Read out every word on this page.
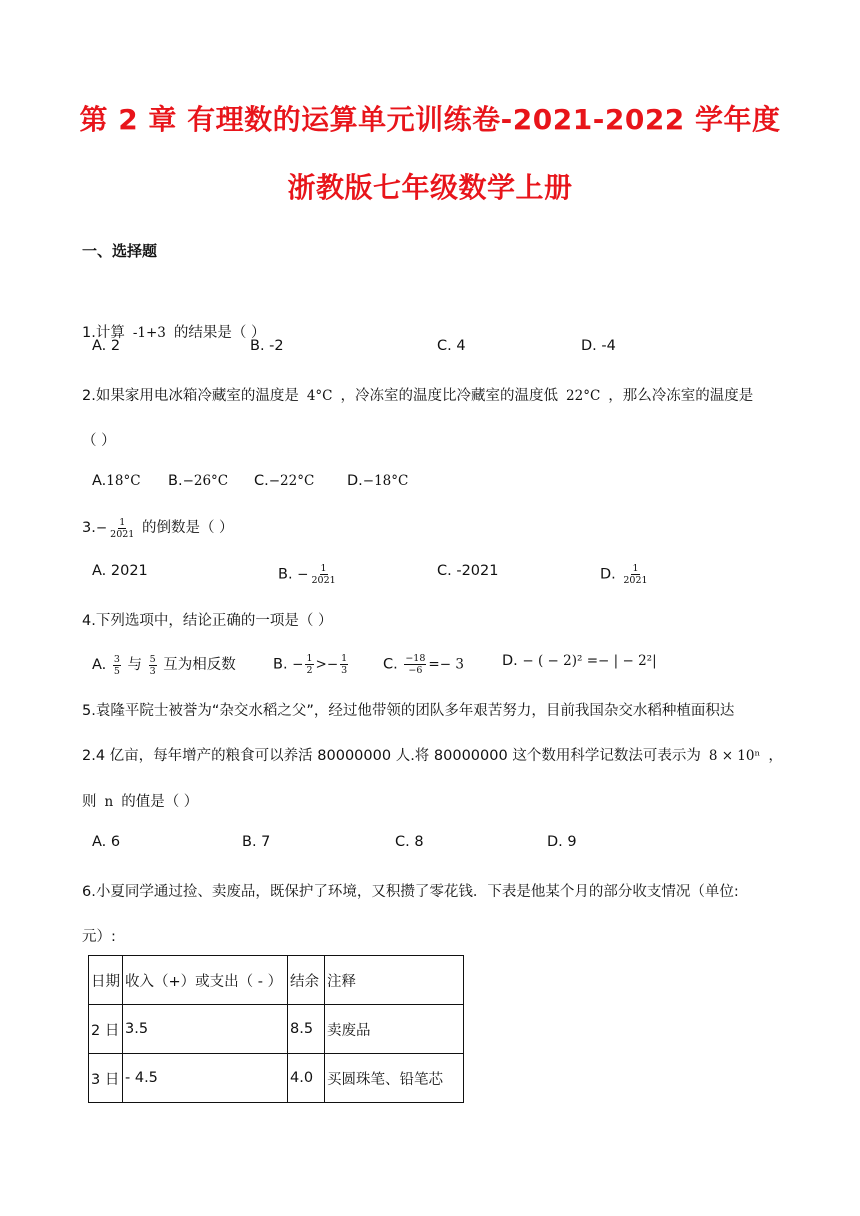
第 2 章 有理数的运算单元训练卷-2021-2022 学年度
浙教版七年级数学上册
一、选择题
1.计算 -1+3 的结果是（ ）
A. 2	B. -2	C. 4	D. -4
2.如果家用电冰箱冷藏室的温度是 4°C ，冷冻室的温度比冷藏室的温度低 22°C ，那么冷冻室的温度是
（ ）
A.18°C B.−26°C C.−22°C D.−18°C
$3.- \frac{1}{2021}$ 的倒数是（ ）
A. 2021	B. − $\frac{1}{2021}$	C. -2021	D. $\frac{1}{2021}$
4.下列选项中，结论正确的一项是（ ）
A. $\frac{3}{5}$ 与 $\frac{5}{3}$ 互为相反数	B. − $\frac{1}{2} >- \frac{1}{3} C$. $\frac{-18}{-6} =- 3$	D. − ( − 2)² =− | − 2²|
5.袁隆平院士被誉为“杂交水稻之父”，经过他带领的团队多年艰苦努力，目前我国杂交水稻种植面积达
2.4 亿亩，每年增产的粮食可以养活 80000000 人.将 80000000 这个数用科学记数法可表示为 8 × 10ⁿ ，
则 n 的值是（ ）
A. 6	B. 7	C. 8	D. 9
6.小夏同学通过捡、卖废品，既保护了环境，又积攒了零花钱．下表是他某个月的部分收支情况（单位:
元）:
日期	收入（+）或支出（ - ）	结余	注释
2 日	3.5	8.5	卖废品
3 日	- 4.5	4.0	买圆珠笔、铅笔芯
